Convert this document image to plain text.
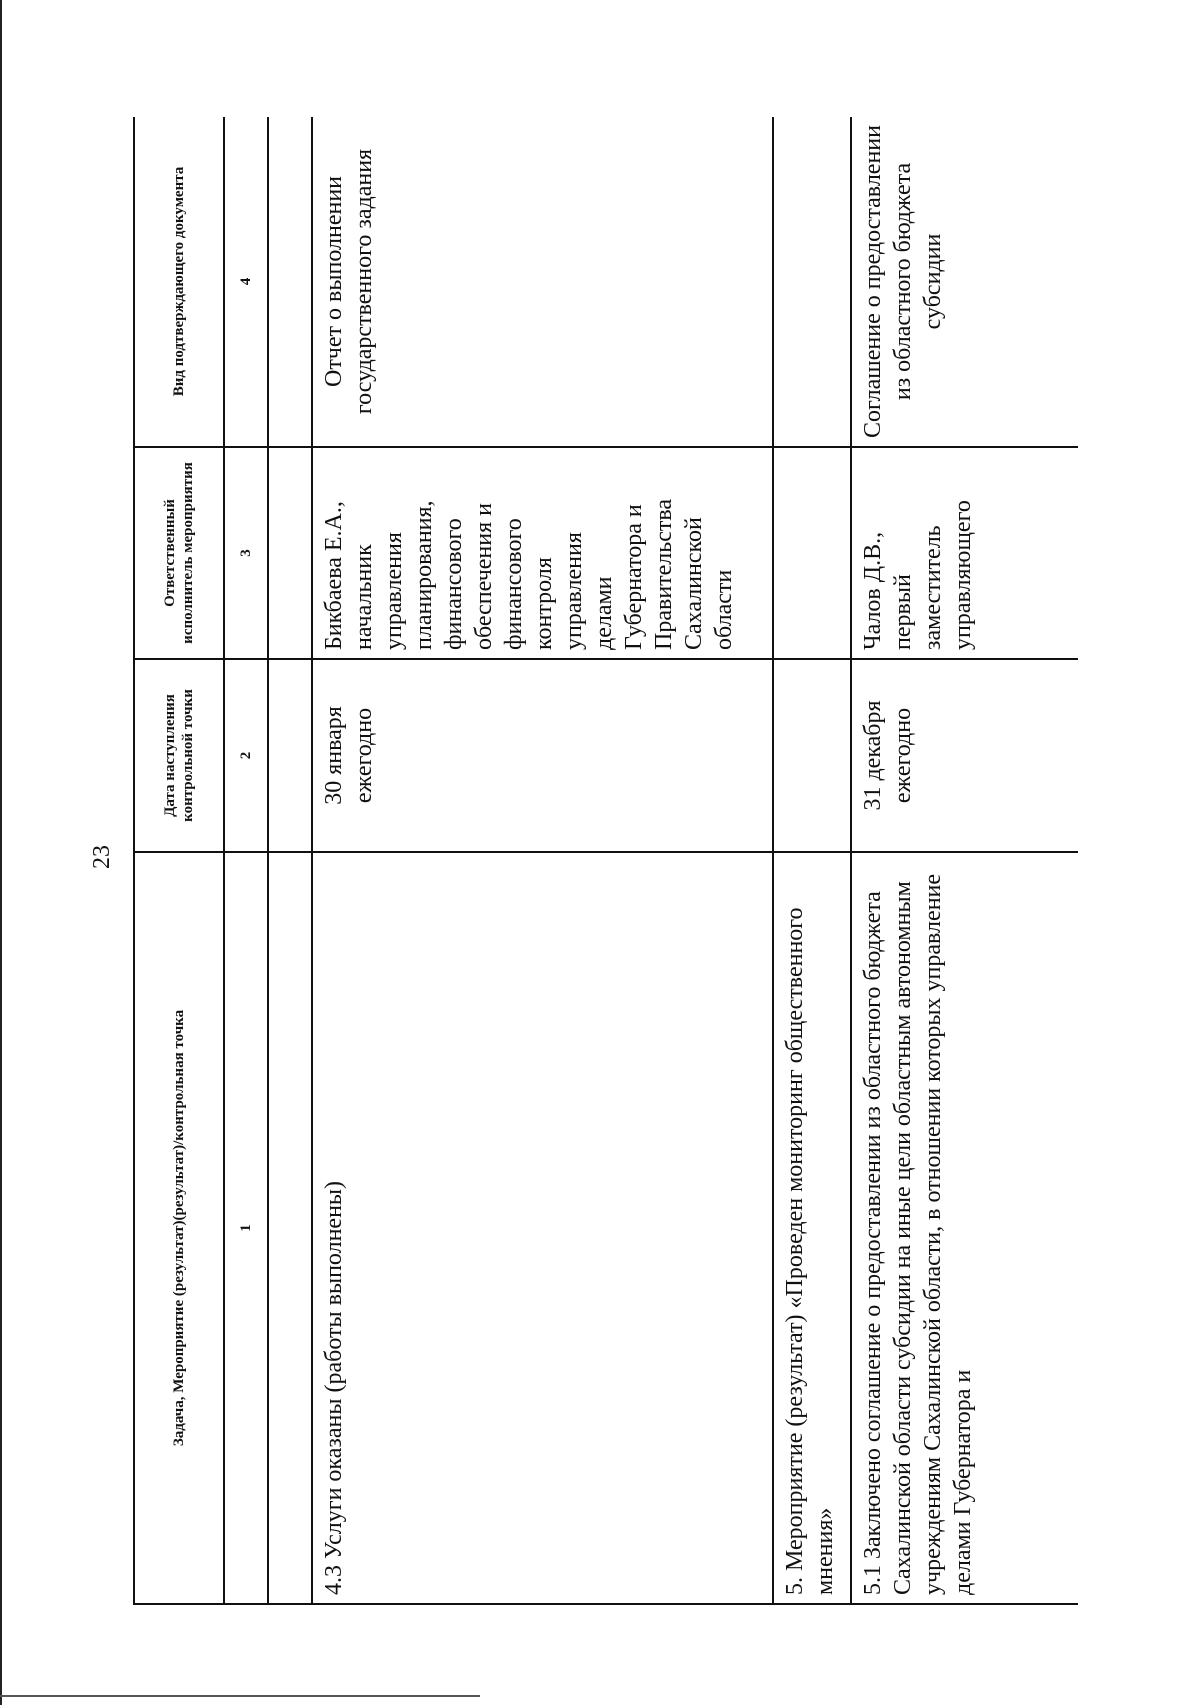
23
Задача, Мероприятие (результат)(результат)/контрольная точка	Дата наступления контрольной точки	Ответственный исполнитель мероприятия	Вид подтверждающего документа
1	2	3	4

4.3 Услуги оказаны (работы выполнены)	30 января ежегодно	Бикбаева Е.А., начальник управления планирования, финансового обеспечения и финансового контроля управления делами Губернатора и Правительства Сахалинской области	Отчет о выполнении государственного задания
5. Мероприятие (результат) «Проведен мониторинг общественного мнения»			
5.1 Заключено соглашение о предоставлении из областного бюджета Сахалинской области субсидии на иные цели областным автономным учреждениям Сахалинской области, в отношении которых управление делами Губернатора и	31 декабря ежегодно	Чалов Д.В., первый заместитель управляющего	Соглашение о предоставлении из областного бюджета субсидии
